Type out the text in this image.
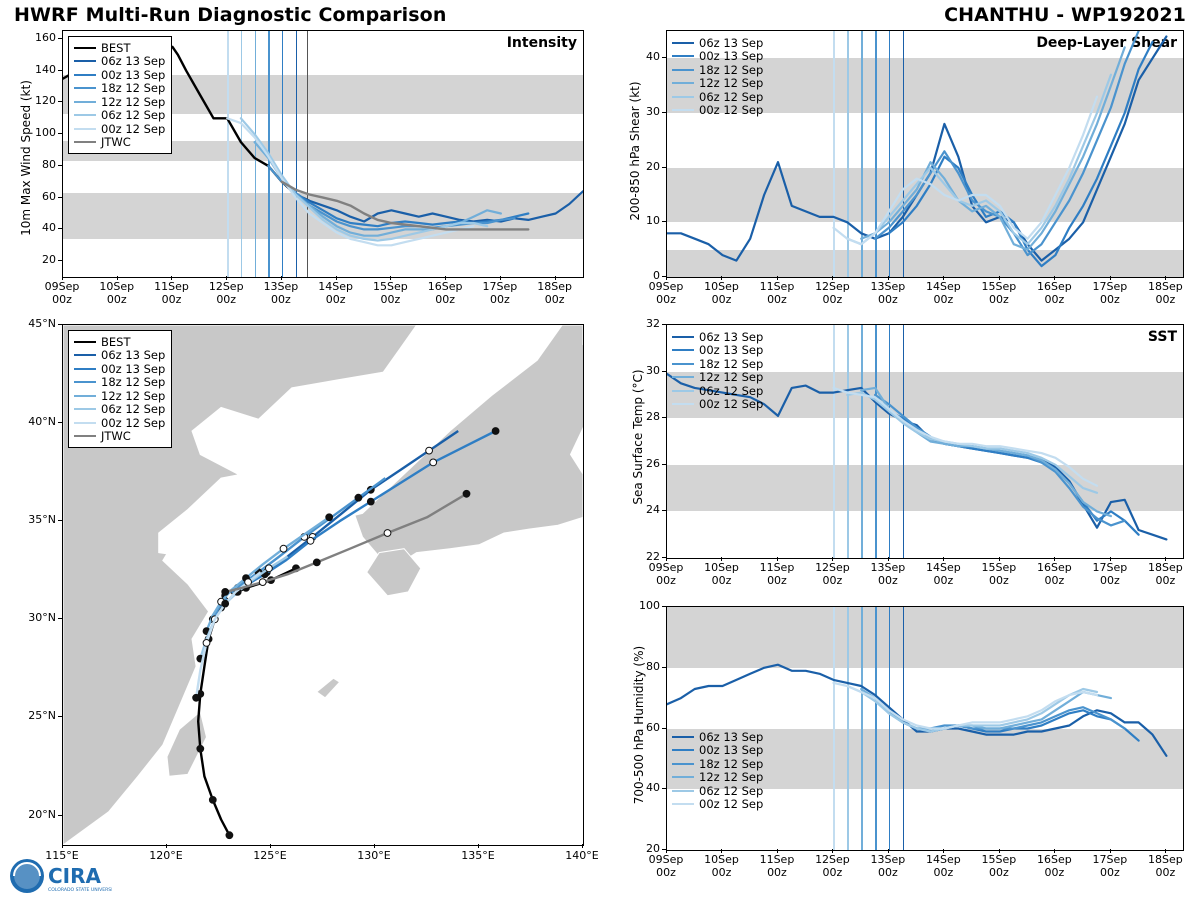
HWRF Multi-Run Diagnostic Comparison	CHANTHU - WP192021
10m Max Wind Speed (kt)
Intensity
20
40
60
80
100
120
140
160
09Sep
00z
10Sep
00z
11Sep
00z
12Sep
00z
13Sep
00z
14Sep
00z
15Sep
00z
16Sep
00z
17Sep
00z
18Sep
00z
BEST
06z 13 Sep
00z 13 Sep
18z 12 Sep
12z 12 Sep
06z 12 Sep
00z 12 Sep
JTWC
BEST
06z 13 Sep
00z 13 Sep
18z 12 Sep
12z 12 Sep
06z 12 Sep
00z 12 Sep
JTWC
20°N
25°N
30°N
35°N
40°N
45°N
115°E	120°E	125°E	130°E	135°E	140°E
200-850 hPa Shear (kt)
Deep-Layer Shear
0
10
20
30
40
09Sep
00z
10Sep
00z
11Sep
00z
12Sep
00z
13Sep
00z
14Sep
00z
15Sep
00z
16Sep
00z
17Sep
00z
18Sep
00z
06z 13 Sep
00z 13 Sep
18z 12 Sep
12z 12 Sep
06z 12 Sep
00z 12 Sep
Sea Surface Temp (°C)
SST
22
24
26
28
30
32
09Sep
00z
10Sep
00z
11Sep
00z
12Sep
00z
13Sep
00z
14Sep
00z
15Sep
00z
16Sep
00z
17Sep
00z
18Sep
00z
06z 13 Sep
00z 13 Sep
18z 12 Sep
12z 12 Sep
06z 12 Sep
00z 12 Sep
700-500 hPa Humidity (%)
20
40
60
80
100
09Sep
00z
10Sep
00z
11Sep
00z
12Sep
00z
13Sep
00z
14Sep
00z
15Sep
00z
16Sep
00z
17Sep
00z
18Sep
00z
06z 13 Sep
00z 13 Sep
18z 12 Sep
12z 12 Sep
06z 12 Sep
00z 12 Sep
CIRA
COLORADO STATE UNIVERSITY
